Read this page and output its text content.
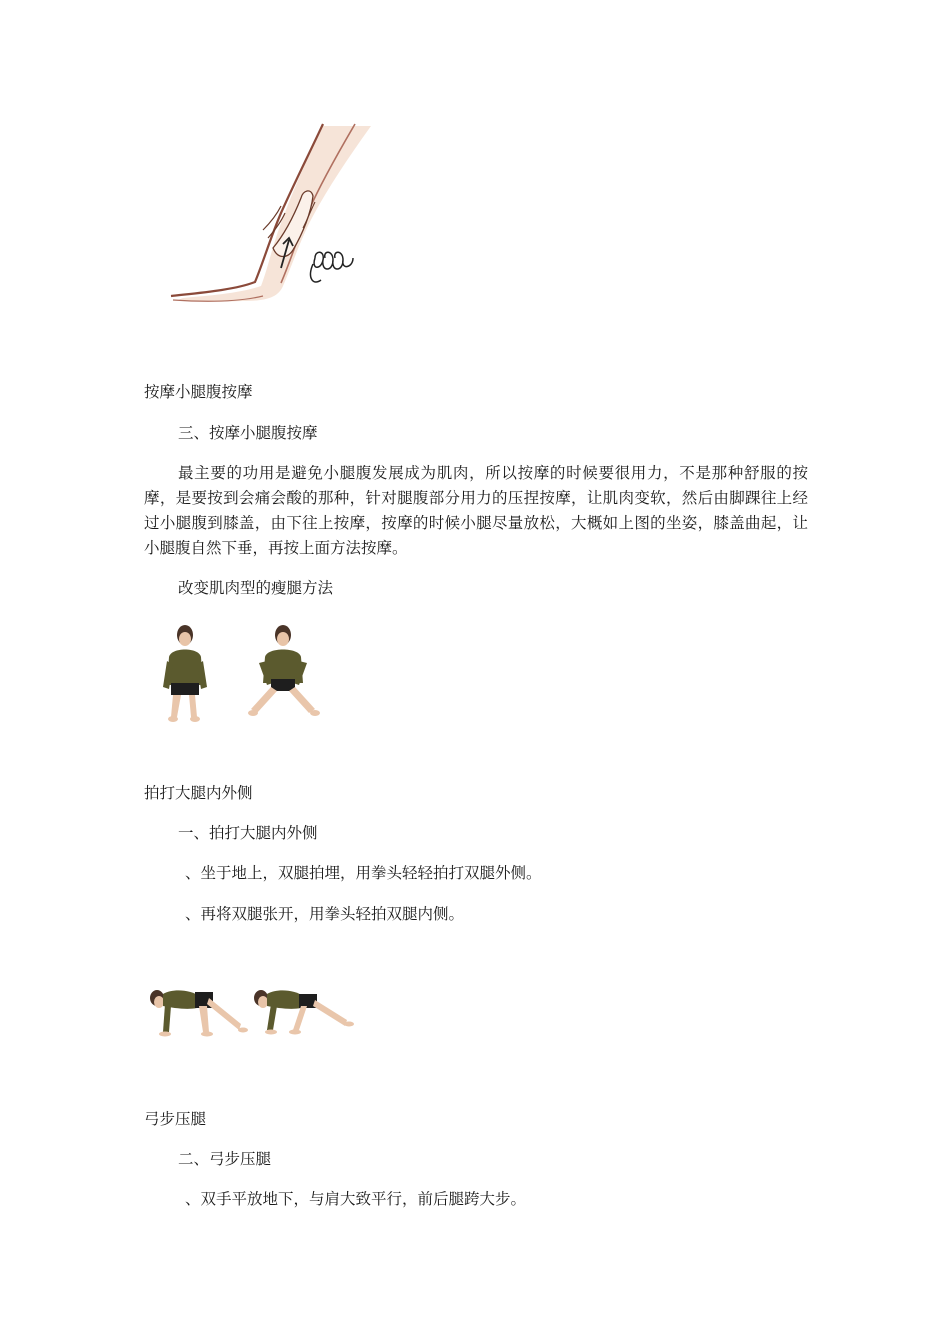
按摩小腿腹按摩
三、按摩小腿腹按摩
最主要的功用是避免小腿腹发展成为肌肉，所以按摩的时候要很用力，不是那种舒服的按摩，是要按到会痛会酸的那种，针对腿腹部分用力的压捏按摩，让肌肉变软，然后由脚踝往上经过小腿腹到膝盖，由下往上按摩，按摩的时候小腿尽量放松，大概如上图的坐姿，膝盖曲起，让小腿腹自然下垂，再按上面方法按摩。
改变肌肉型的瘦腿方法
拍打大腿内外侧
一、拍打大腿内外侧
、坐于地上，双腿拍埋，用拳头轻轻拍打双腿外侧。
、再将双腿张开，用拳头轻拍双腿内侧。
弓步压腿
二、弓步压腿
、双手平放地下，与肩大致平行，前后腿跨大步。
